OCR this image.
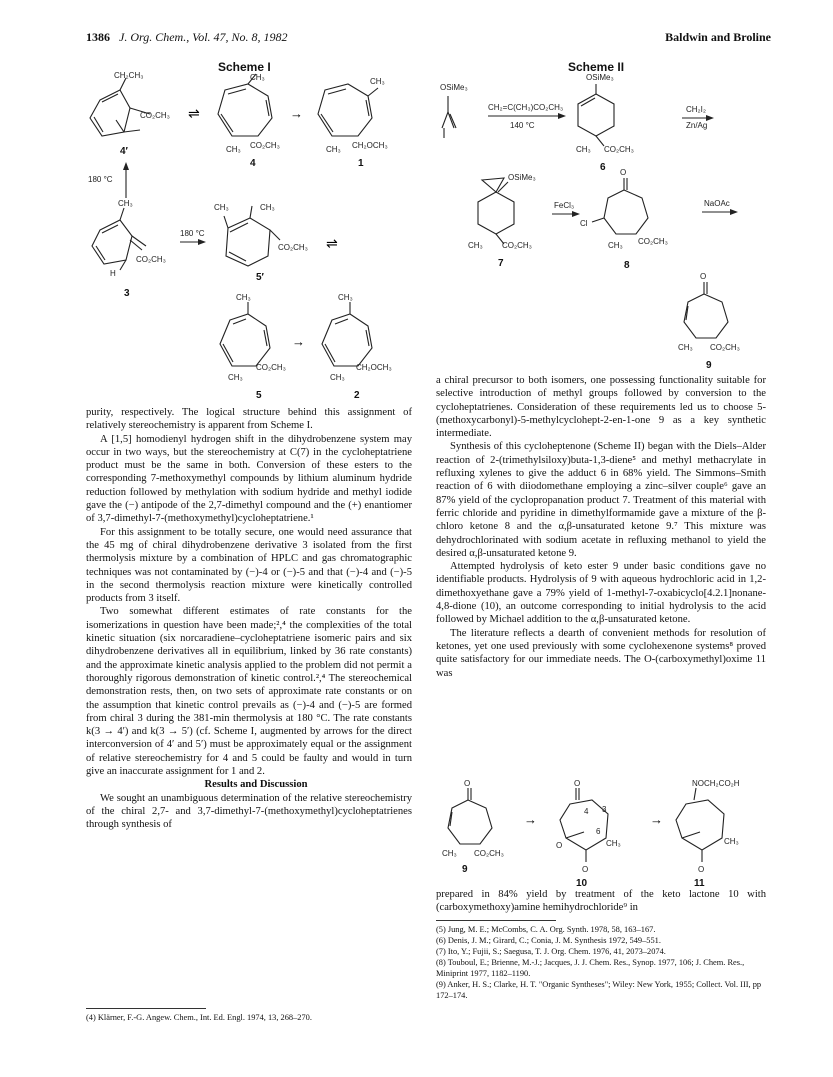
1386 J. Org. Chem., Vol. 47, No. 8, 1982	Baldwin and Broline
Scheme I
CH₂CH₃
CO₂CH₃
4′
⇌
CH₃
CO₂CH₃
CH₃
4
→
CH₃
CH₂OCH₃
CH₃
1
180 °C
CH₃
CO₂CH₃
H
3
180 °C
CH₃	CH₃
CO₂CH₃
5′
⇌
CH₃
CO₂CH₃
CH₃
5
→
CH₃
CH₂OCH₃
CH₃
2
Scheme II
OSiMe₃
CH₂=C(CH₃)CO₂CH₃
140 °C
OSiMe₃
CH₃ CO₂CH₃
6
CH₂I₂
Zn/Ag
OSiMe₃
CH₃ CO₂CH₃
7
FeCl₃
O
Cl
CH₃ CO₂CH₃
8
NaOAc
O
CH₃ CO₂CH₃
9

purity, respectively. The logical structure behind this assignment of relatively stereochemistry is apparent from Scheme I.

A [1,5] homodienyl hydrogen shift in the dihydrobenzene system may occur in two ways, but the stereochemistry at C(7) in the cycloheptatriene product must be the same in both. Conversion of these esters to the corresponding 7-methoxymethyl compounds by lithium aluminum hydride reduction followed by methylation with sodium hydride and methyl iodide gave the (−) antipode of the 2,7-dimethyl compound and the (+) enantiomer of 3,7-dimethyl-7-(methoxymethyl)cycloheptatriene.¹

For this assignment to be totally secure, one would need assurance that the 45 mg of chiral dihydrobenzene derivative 3 isolated from the first thermolysis mixture by a combination of HPLC and gas chromatographic techniques was not contaminated by (−)-4 or (−)-5 and that (−)-4 and (−)-5 in the second thermolysis reaction mixture were kinetically controlled products from 3 itself.

Two somewhat different estimates of rate constants for the isomerizations in question have been made;²,⁴ the complexities of the total kinetic situation (six norcaradiene–cycloheptatriene isomeric pairs and six dihydrobenzene derivatives all in equilibrium, linked by 36 rate constants) and the approximate kinetic analysis applied to the problem did not permit a thoroughly rigorous demonstration of kinetic control.²,⁴ The stereochemical demonstration rests, then, on two sets of approximate rate constants or on the assumption that kinetic control prevails as (−)-4 and (−)-5 are formed from chiral 3 during the 381-min thermolysis at 180 °C. The rate constants k(3 → 4′) and k(3 → 5′) (cf. Scheme I, augmented by arrows for the direct interconversion of 4′ and 5′) must be approximately equal or the assignment of relative stereochemistry for 4 and 5 could be faulty and would in turn give an inaccurate assignment for 1 and 2.

Results and Discussion

We sought an unambiguous determination of the relative stereochemistry of the chiral 2,7- and 3,7-dimethyl-7-(methoxymethyl)cycloheptatrienes through synthesis of

(4) Klärner, F.-G. Angew. Chem., Int. Ed. Engl. 1974, 13, 268–270.

a chiral precursor to both isomers, one possessing functionality suitable for selective introduction of methyl groups followed by conversion to the cycloheptatrienes. Consideration of these requirements led us to choose 5-(methoxycarbonyl)-5-methylcyclohept-2-en-1-one 9 as a key synthetic intermediate.

Synthesis of this cycloheptenone (Scheme II) began with the Diels–Alder reaction of 2-(trimethylsiloxy)buta-1,3-diene⁵ and methyl methacrylate in refluxing xylenes to give the adduct 6 in 68% yield. The Simmons–Smith reaction of 6 with diiodomethane employing a zinc–silver couple⁶ gave an 87% yield of the cyclopropanation product 7. Treatment of this material with ferric chloride and pyridine in dimethylformamide gave a mixture of the β-chloro ketone 8 and the α,β-unsaturated ketone 9.⁷ This mixture was dehydrochlorinated with sodium acetate in refluxing methanol to yield the desired α,β-unsaturated ketone 9.

Attempted hydrolysis of keto ester 9 under basic conditions gave no identifiable products. Hydrolysis of 9 with aqueous hydrochloric acid in 1,2-dimethoxyethane gave a 79% yield of 1-methyl-7-oxabicyclo[4.2.1]nonane-4,8-dione (10), an outcome corresponding to initial hydrolysis to the acid followed by Michael addition to the α,β-unsaturated ketone.

The literature reflects a dearth of convenient methods for resolution of ketones, yet one used previously with some cyclohexenone systems⁸ proved quite satisfactory for our immediate needs. The O-(carboxymethyl)oxime 11 was

O
CH₃ CO₂CH₃
9
→
O
4 3
6
CH₃
O
O
10
→
NOCH₂CO₂H
CH₃
O
11

prepared in 84% yield by treatment of the keto lactone 10 with (carboxymethoxy)amine hemihydrochloride⁹ in

(5) Jung, M. E.; McCombs, C. A. Org. Synth. 1978, 58, 163–167.
(6) Denis, J. M.; Girard, C.; Conia, J. M. Synthesis 1972, 549–551.
(7) Ito, Y.; Fujii, S.; Saegusa, T. J. Org. Chem. 1976, 41, 2073–2074.
(8) Touboul, E.; Brienne, M.-J.; Jacques, J. J. Chem. Res., Synop. 1977, 106; J. Chem. Res., Miniprint 1977, 1182–1190.
(9) Anker, H. S.; Clarke, H. T. "Organic Syntheses"; Wiley: New York, 1955; Collect. Vol. III, pp 172–174.
